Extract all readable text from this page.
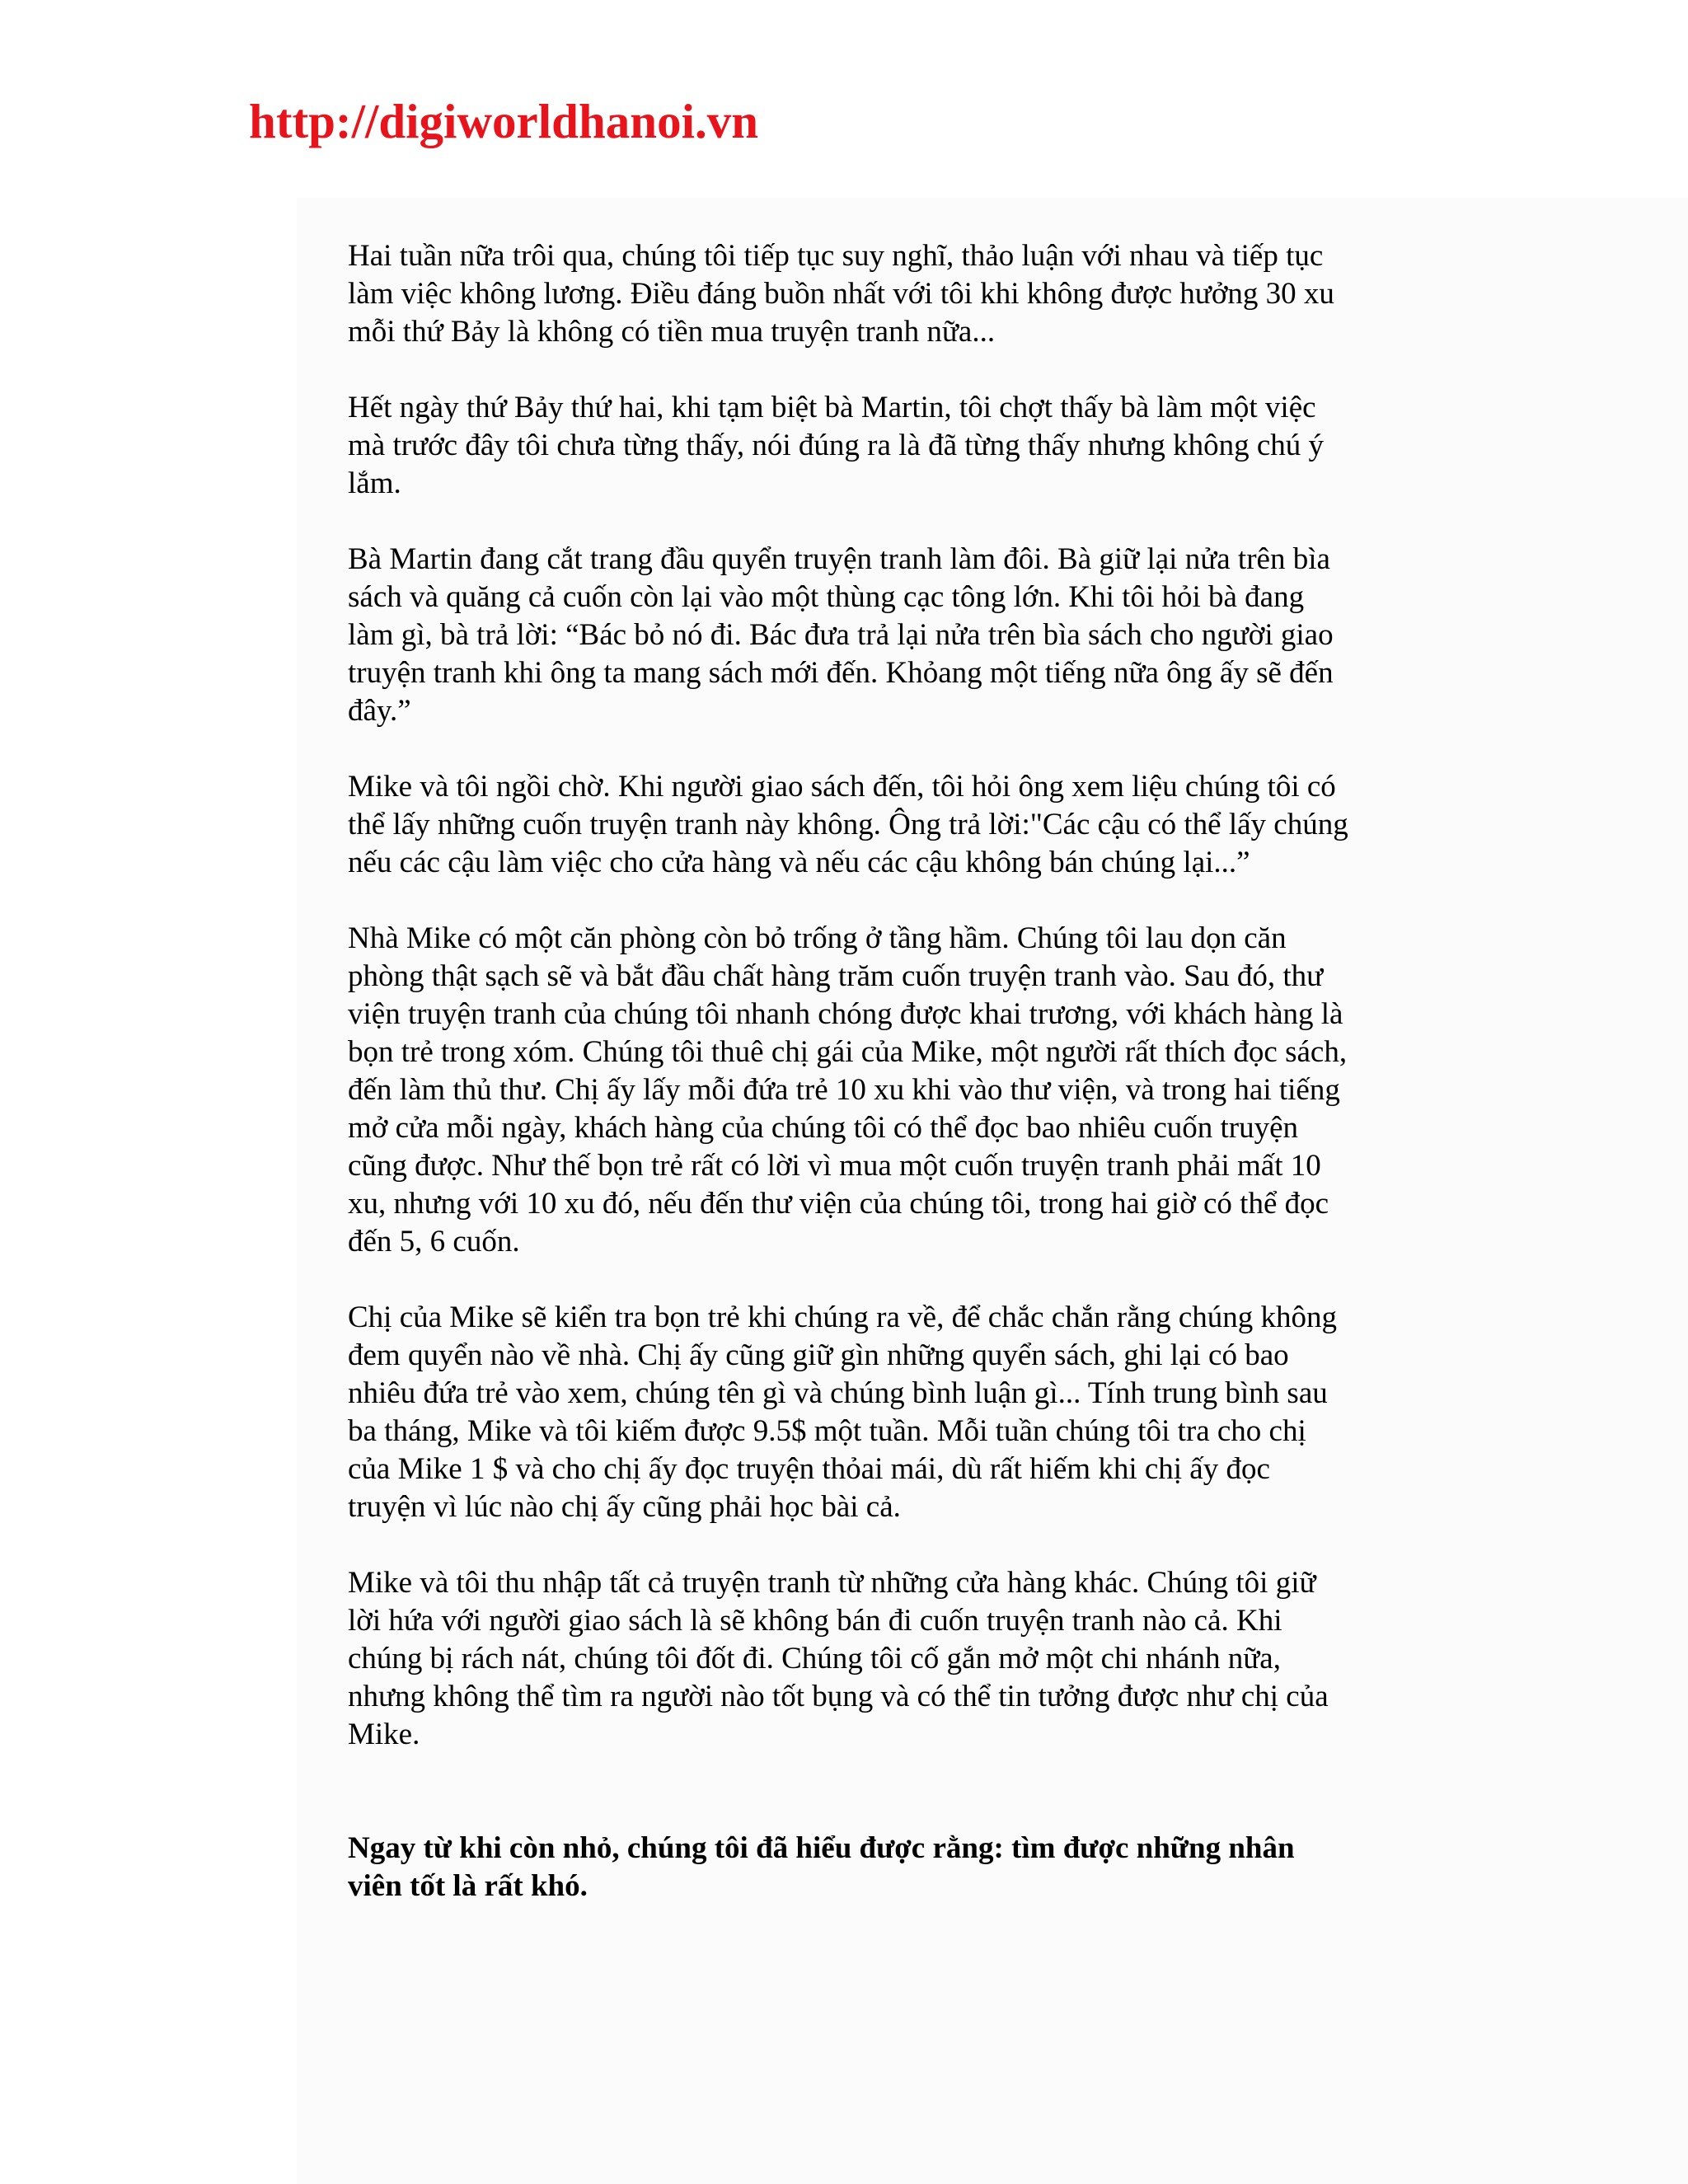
http://digiworldhanoi.vn

Hai tuần nữa trôi qua, chúng tôi tiếp tục suy nghĩ, thảo luận với nhau và tiếp tục
làm việc không lương. Điều đáng buồn nhất với tôi khi không được hưởng 30 xu
mỗi thứ Bảy là không có tiền mua truyện tranh nữa...

Hết ngày thứ Bảy thứ hai, khi tạm biệt bà Martin, tôi chợt thấy bà làm một việc
mà trước đây tôi chưa từng thấy, nói đúng ra là đã từng thấy nhưng không chú ý
lắm.

Bà Martin đang cắt trang đầu quyển truyện tranh làm đôi. Bà giữ lại nửa trên bìa
sách và quăng cả cuốn còn lại vào một thùng cạc tông lớn. Khi tôi hỏi bà đang
làm gì, bà trả lời: “Bác bỏ nó đi. Bác đưa trả lại nửa trên bìa sách cho người giao
truyện tranh khi ông ta mang sách mới đến. Khỏang một tiếng nữa ông ấy sẽ đến
đây.”

Mike và tôi ngồi chờ. Khi người giao sách đến, tôi hỏi ông xem liệu chúng tôi có
thể lấy những cuốn truyện tranh này không. Ông trả lời:"Các cậu có thể lấy chúng
nếu các cậu làm việc cho cửa hàng và nếu các cậu không bán chúng lại...”

Nhà Mike có một căn phòng còn bỏ trống ở tầng hầm. Chúng tôi lau dọn căn
phòng thật sạch sẽ và bắt đầu chất hàng trăm cuốn truyện tranh vào. Sau đó, thư
viện truyện tranh của chúng tôi nhanh chóng được khai trương, với khách hàng là
bọn trẻ trong xóm. Chúng tôi thuê chị gái của Mike, một người rất thích đọc sách,
đến làm thủ thư. Chị ấy lấy mỗi đứa trẻ 10 xu khi vào thư viện, và trong hai tiếng
mở cửa mỗi ngày, khách hàng của chúng tôi có thể đọc bao nhiêu cuốn truyện
cũng được. Như thế bọn trẻ rất có lời vì mua một cuốn truyện tranh phải mất 10
xu, nhưng với 10 xu đó, nếu đến thư viện của chúng tôi, trong hai giờ có thể đọc
đến 5, 6 cuốn.

Chị của Mike sẽ kiển tra bọn trẻ khi chúng ra về, để chắc chắn rằng chúng không
đem quyển nào về nhà. Chị ấy cũng giữ gìn những quyển sách, ghi lại có bao
nhiêu đứa trẻ vào xem, chúng tên gì và chúng bình luận gì... Tính trung bình sau
ba tháng, Mike và tôi kiếm được 9.5$ một tuần. Mỗi tuần chúng tôi tra cho chị
của Mike 1 $ và cho chị ấy đọc truyện thỏai mái, dù rất hiếm khi chị ấy đọc
truyện vì lúc nào chị ấy cũng phải học bài cả.

Mike và tôi thu nhập tất cả truyện tranh từ những cửa hàng khác. Chúng tôi giữ
lời hứa với người giao sách là sẽ không bán đi cuốn truyện tranh nào cả. Khi
chúng bị rách nát, chúng tôi đốt đi. Chúng tôi cố gắn mở một chi nhánh nữa,
nhưng không thể tìm ra người nào tốt bụng và có thể tin tưởng được như chị của
Mike.

Ngay từ khi còn nhỏ, chúng tôi đã hiểu được rằng: tìm được những nhân
viên tốt là rất khó.
